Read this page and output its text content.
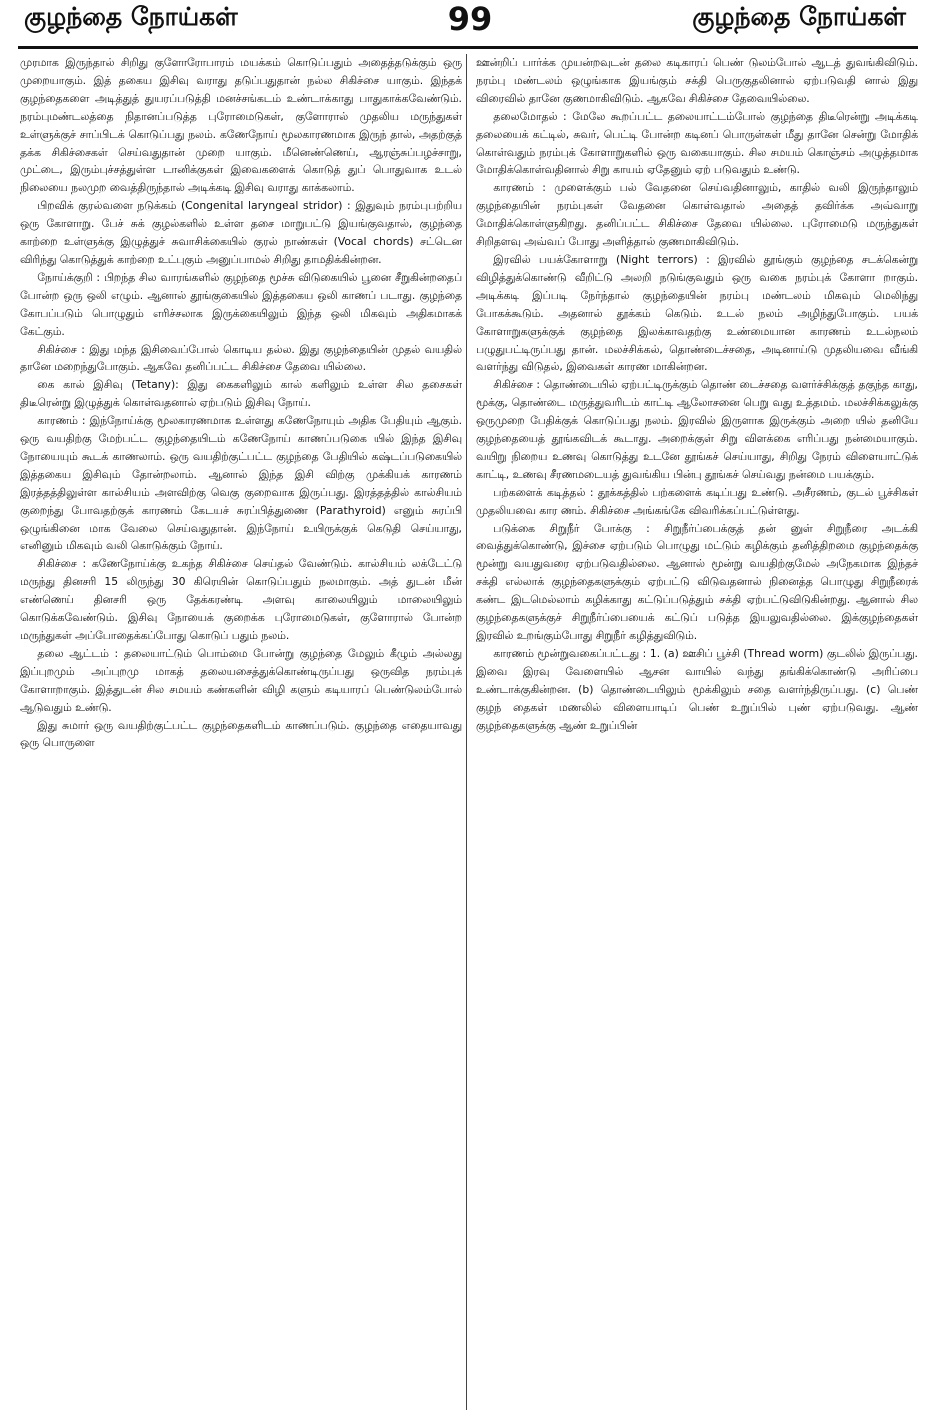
குழந்தை நோய்கள்	99	குழந்தை நோய்கள்

முரமாக இருந்தால் சிறிது குளோரோபாரம் மயக்கம் கொடுப்பதும் அதைத்தடுக்கும் ஒரு முறையாகும். இத் தகைய இசிவு வராது தடுப்பதுதான் நல்ல சிகிச்சை யாகும். இந்தக் குழந்தைகளை அடித்துத் துயரப்படுத்தி மனச்சங்கடம் உண்டாக்காது பாதுகாக்கவேண்டும். நரம்புமண்டலத்தை நிதானப்படுத்த புரோமைடுகள், குளோரால் முதலிய மருந்துகள் உள்ளுக்குச் சாப்பிடக் கொடுப்பது நலம். கணேநோய் மூலகாரணமாக இருந் தால், அதற்குத் தக்க சிகிச்சைகள் செய்வதுதான் முறை யாகும். மீனெண்ணெய், ஆரஞ்சுப்பழச்சாறு, முட்டை, இரும்புச்சத்துள்ள டானிக்குகள் இவைகளைக் கொடுத் துப் பொதுவாக உடல் நிலையை நலமுற வைத்திருந்தால் அடிக்கடி இசிவு வராது காக்கலாம்.

பிறவிக் குரல்வளை நடுக்கம் (Congenital laryngeal stridor) : இதுவும் நரம்புபற்றிய ஒரு கோளாறு. பேச் சுக் குழல்களில் உள்ள தசை மாறுபட்டு இயங்குவதால், குழந்தை காற்றை உள்ளுக்கு இழுத்துச் சுவாசிக்கையில் குரல் நாண்கள் (Vocal chords) சட்டென விரிந்து கொடுத்துக் காற்றை உட்புகும் அனுப்பாமல் சிறிது தாமதிக்கின்றன.

நோய்க்குறி : பிறந்த சில வாரங்களில் குழந்தை மூச்சு விடுகையில் பூனை சீறுகின்றதைப் போன்ற ஒரு ஒலி எழும். ஆனால் தூங்குகையில் இத்தகைய ஒலி காணப் படாது. குழந்தை கோபப்படும் பொழுதும் எரிச்சலாக இருக்கையிலும் இந்த ஒலி மிகவும் அதிகமாகக் கேட்கும்.

சிகிச்சை : இது மந்த இசிவைப்போல் கொடிய தல்ல. இது குழந்தையின் முதல் வயதில் தானே மறைந்துபோகும். ஆகவே தனிப்பட்ட சிகிச்சை தேவை யில்லை.

கை கால் இசிவு (Tetany): இது கைகளிலும் கால் களிலும் உள்ள சில தசைகள் திடீரென்று இழுத்துக் கொள்வதனால் ஏற்படும் இசிவு நோய்.

காரணம் : இந்நோய்க்கு மூலகாரணமாக உள்ளது கணேநோயும் அதிக பேதியும் ஆகும். ஒரு வயதிற்கு மேற்பட்ட குழந்தையிடம் கணேநோய் காணப்படுகை யில் இந்த இசிவு நோயையும் கூடக் காணலாம். ஒரு வயதிற்குட்பட்ட குழந்தை பேதியில் கஷ்டப்படுகையில் இத்தகைய இசிவும் தோன்றலாம். ஆனால் இந்த இசி விற்கு முக்கியக் காரணம் இரத்தத்திலுள்ள கால்சியம் அளவிற்கு வெகு குறைவாக இருப்பது. இரத்தத்தில் கால்சியம் குறைந்து போவதற்குக் காரணம் கேடயச் சுரப்பித்துணை (Parathyroid) எனும் சுரப்பி ஒழுங்கினை மாக வேலை செய்வதுதான். இந்நோய் உயிருக்குக் கெடுதி செய்யாது, எனினும் மிகவும் வலி கொடுக்கும் நோய்.

சிகிச்சை : கணேநோய்க்கு உகந்த சிகிச்சை செய்தல் வேண்டும். கால்சியம் லக்டேட்டு மருந்து தினசரி 15 லிருந்து 30 கிரெயின் கொடுப்பதும் நலமாகும். அத் துடன் மீன் எண்ணெய் தினசரி ஒரு தேக்கரண்டி அளவு காலையிலும் மாலையிலும் கொடுக்கவேண்டும். இசிவு நோயைக் குறைக்க புரோமைடுகள், குளோரால் போன்ற மருந்துகள் அப்போதைக்கப்போது கொடுப் பதும் நலம்.

தலை ஆட்டம் : தலையாட்டும் பொம்மை போன்று குழந்தை மேலும் கீழும் அல்லது இப்புறமும் அப்புறமு மாகத் தலையசைத்துக்கொண்டிருப்பது ஒருவித நரம்புக் கோளாறாகும். இத்துடன் சில சமயம் கண்களின் விழி களும் கடியாரப் பெண்டுலம்போல் ஆடுவதும் உண்டு.

இது சுமார் ஒரு வயதிற்குட்பட்ட குழந்தைகளிடம் காணப்படும். குழந்தை எதையாவது ஒரு பொருளை

ஊன்றிப் பார்க்க முயன்றவுடன் தலை கடிகாரப் பெண் டுலம்போல் ஆடத் துவங்கிவிடும். நரம்பு மண்டலம் ஒழுங்காக இயங்கும் சக்தி பெருகுதலினால் ஏற்படுவதி னால் இது விரைவில் தானே குணமாகிவிடும். ஆகவே சிகிச்சை தேவையில்லை.

தலைமோதல் : மேலே கூறப்பட்ட தலையாட்டம்போல் குழந்தை திடீரென்று அடிக்கடி தலையைக் கட்டில், சுவர், பெட்டி போன்ற கடினப் பொருள்கள் மீது தானே சென்று மோதிக் கொள்வதும் நரம்புக் கோளாறுகளில் ஒரு வகையாகும். சில சமயம் கொஞ்சம் அழுத்தமாக மோதிக்கொள்வதினால் சிறு காயம் ஏதேனும் ஏற் படுவதும் உண்டு.

காரணம் : முளைக்கும் பல் வேதனை செய்வதினாலும், காதில் வலி இருந்தாலும் குழந்தையின் நரம்புகள் வேதனை கொள்வதால் அதைத் தவிர்க்க அவ்வாறு மோதிக்கொள்ளுகிறது. தனிப்பட்ட சிகிச்சை தேவை யில்லை. புரோமைடு மருந்துகள் சிறிதளவு அவ்வப் போது அளித்தால் குணமாகிவிடும்.

இரவில் பயக்கோளாறு (Night terrors) : இரவில் தூங்கும் குழந்தை சடக்கென்று விழித்துக்கொண்டு வீறிட்டு அலறி நடுங்குவதும் ஒரு வகை நரம்புக் கோளா றாகும். அடிக்கடி இப்படி நேர்ந்தால் குழந்தையின் நரம்பு மண்டலம் மிகவும் மெலிந்து போகக்கூடும். அதனால் தூக்கம் கெடும். உடல் நலம் அழிந்துபோகும். பயக் கோளாறுகளுக்குக் குழந்தை இலக்காவதற்கு உண்மையான காரணம் உடல்நலம் பழுதுபட்டிருப்பது தான். மலச்சிக்கல், தொண்டைச்சதை, அடினாய்டு முதலியவை வீங்கி வளர்ந்து விடுதல், இவைகள் காரண மாகின்றன.

சிகிச்சை : தொண்டையில் ஏற்பட்டிருக்கும் தொண் டைச்சதை வளர்ச்சிக்குத் தகுந்த காது, மூக்கு, தொண்டை மருத்துவரிடம் காட்டி ஆலோசனை பெறு வது உத்தமம். மலச்சிக்கலுக்கு ஒருமுறை பேதிக்குக் கொடுப்பது நலம். இரவில் இருளாக இருக்கும் அறை யில் தனியே குழந்தையைத் தூங்கவிடக் கூடாது. அறைக்குள் சிறு விளக்கை எரிப்பது நன்மையாகும். வயிறு நிறைய உணவு கொடுத்து உடனே தூங்கச் செய்யாது, சிறிது நேரம் விளையாட்டுக் காட்டி, உணவு சீரணமடையத் துவங்கிய பின்பு தூங்கச் செய்வது நன்மை பயக்கும்.

பற்களைக் கடித்தல் : தூக்கத்தில் பற்களைக் கடிப்பது உண்டு. அசீரணம், குடல் பூச்சிகள் முதலியவை கார ணம். சிகிச்சை அங்கங்கே விவரிக்கப்பட்டுள்ளது.

படுக்கை சிறுநீர் போக்கு : சிறுநீர்ப்பைக்குத் தன் னுள் சிறுநீரை அடக்கி வைத்துக்கொண்டு, இச்சை ஏற்படும் பொழுது மட்டும் கழிக்கும் தனித்திறமை குழந்தைக்கு மூன்று வயதுவரை ஏற்படுவதில்லை. ஆனால் மூன்று வயதிற்குமேல் அநேகமாக இந்தச் சக்தி எல்லாக் குழந்தைகளுக்கும் ஏற்பட்டு விடுவதனால் நினைத்த பொழுது சிறுநீரைக் கண்ட இடமெல்லாம் கழிக்காது கட்டுப்படுத்தும் சக்தி ஏற்பட்டுவிடுகின்றது. ஆனால் சில குழந்தைகளுக்குச் சிறுநீர்ப்பையைக் கட்டுப் படுத்த இயலுவதில்லை. இக்குழந்தைகள் இரவில் உறங்கும்போது சிறுநீர் கழித்துவிடும்.

காரணம் மூன்றுவகைப்பட்டது : 1. (a) ஊசிப் பூச்சி (Thread worm) குடலில் இருப்பது. இவை இரவு வேளையில் ஆசன வாயில் வந்து தங்கிக்கொண்டு அரிப்பை உண்டாக்குகின்றன. (b) தொண்டையிலும் மூக்கிலும் சதை வளர்ந்திருப்பது. (c) பெண் குழந் தைகள் மணலில் விளையாடிப் பெண் உறுப்பில் புண் ஏற்படுவது. ஆண் குழந்தைகளுக்கு ஆண் உறுப்பின்
